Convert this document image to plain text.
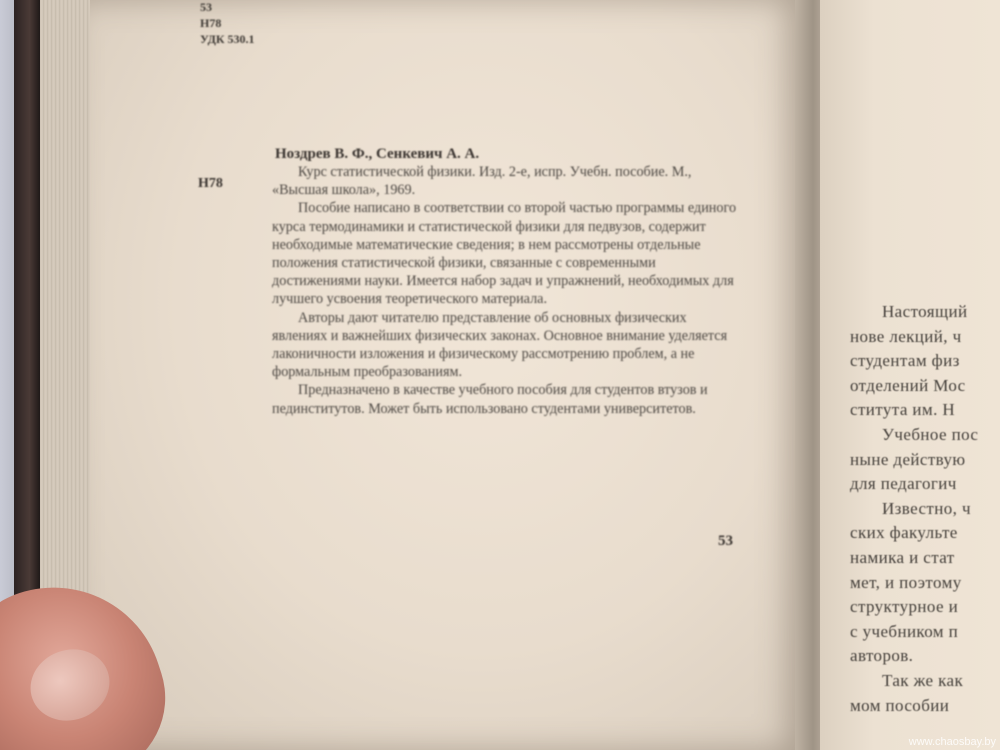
53
Н78
УДК 530.1
Ноздрев В. Ф., Сенкевич А. А.
Н78

Курс статистической физики. Изд. 2-е, испр. Учебн. пособие. М., «Высшая школа», 1969.

Пособие написано в соответствии со второй частью программы единого курса термодинамики и статистической физики для педвузов, содержит необходимые математические сведения; в нем рассмотрены отдельные положения статистической физики, связанные с современными достижениями науки. Имеется набор задач и упражнений, необходимых для лучшего усвоения теоретического материала.

Авторы дают читателю представление об основных физических явлениях и важнейших физических законах. Основное внимание уделяется лаконичности изложения и физическому рассмотрению проблем, а не формальным преобразованиям.

Предназначено в качестве учебного пособия для студентов втузов и пединститутов. Может быть использовано студентами университетов.

53
Настоящий
нове лекций, ч
студентам физ
отделений Мос
ститута им. Н
Учебное пос
ныне действую
для педагогич
Известно, ч
ских факульте
намика и стат
мет, и поэтому
структурное и
с учебником п
авторов.
Так же как
мом пособии
www.chaosbay.by
